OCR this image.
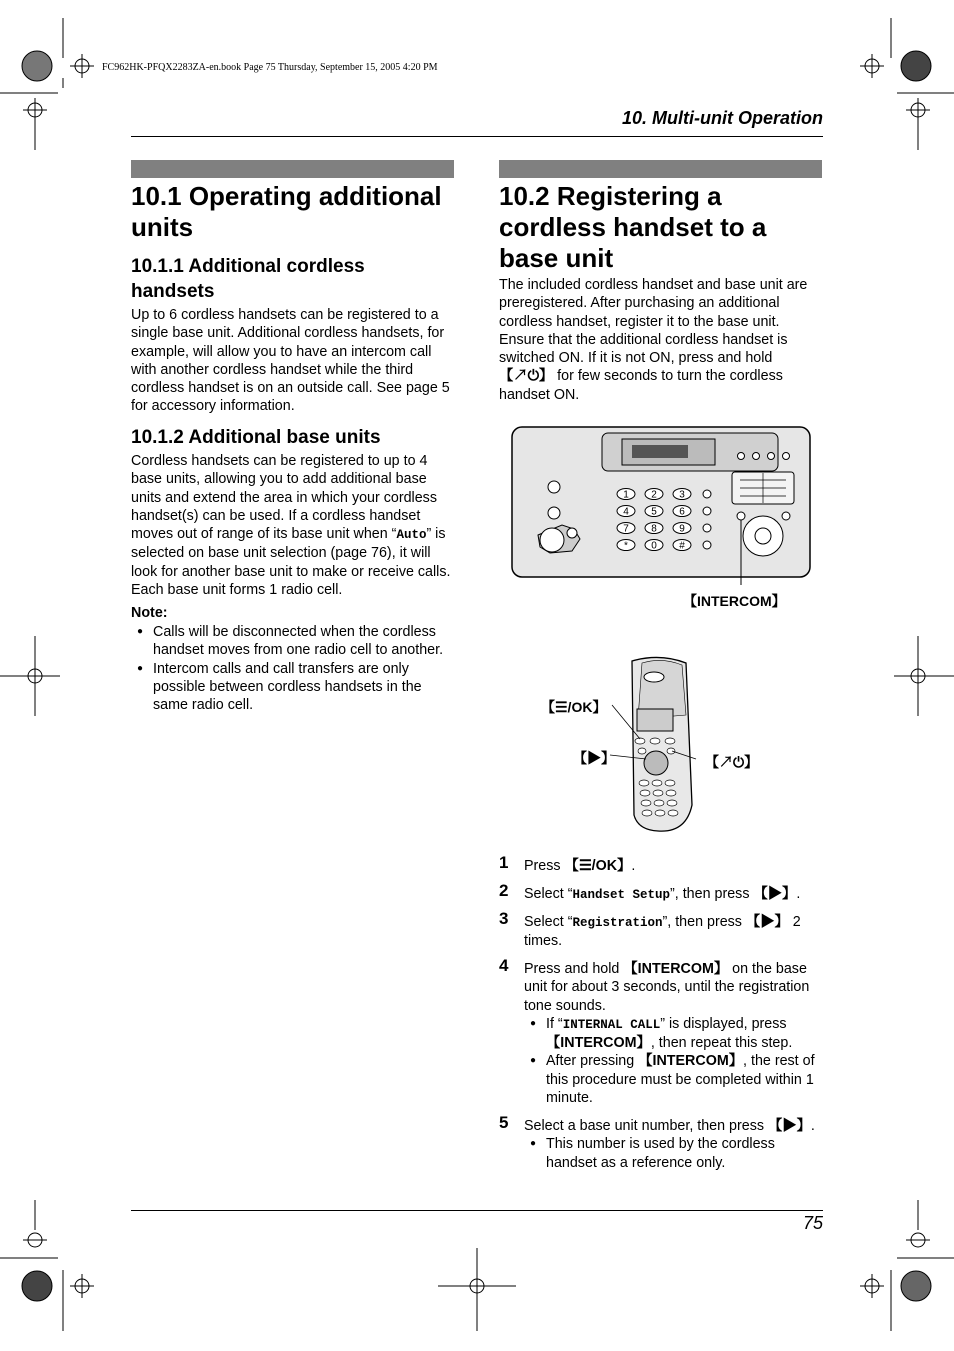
FC962HK-PFQX2283ZA-en.book Page 75 Thursday, September 15, 2005 4:20 PM
10. Multi-unit Operation
10.1 Operating additional units
10.1.1 Additional cordless handsets
Up to 6 cordless handsets can be registered to a single base unit. Additional cordless handsets, for example, will allow you to have an intercom call with another cordless handset while the third cordless handset is on an outside call. See page 5 for accessory information.
10.1.2 Additional base units
Cordless handsets can be registered to up to 4 base units, allowing you to add additional base units and extend the area in which your cordless handset(s) can be used. If a cordless handset moves out of range of its base unit when “Auto” is selected on base unit selection (page 76), it will look for another base unit to make or receive calls. Each base unit forms 1 radio cell.
Note:
● Calls will be disconnected when the cordless handset moves from one radio cell to another.
● Intercom calls and call transfers are only possible between cordless handsets in the same radio cell.
10.2 Registering a cordless handset to a base unit
The included cordless handset and base unit are preregistered. After purchasing an additional cordless handset, register it to the base unit. Ensure that the additional cordless handset is switched ON. If it is not ON, press and hold 【↗⏻】 for few seconds to turn the cordless handset ON.
1 2 3
4 5 6
7 8 9
* 0 #
【INTERCOM】
【☰/OK】
【▶】	【↗⏻】
1 Press 【☰/OK】.
2 Select “Handset Setup”, then press 【▶】.
3 Select “Registration”, then press 【▶】 2 times.
4 Press and hold 【INTERCOM】 on the base unit for about 3 seconds, until the registration tone sounds.
● If “INTERNAL CALL” is displayed, press 【INTERCOM】, then repeat this step.
● After pressing 【INTERCOM】, the rest of this procedure must be completed within 1 minute.
5 Select a base unit number, then press 【▶】.
● This number is used by the cordless handset as a reference only.
75
